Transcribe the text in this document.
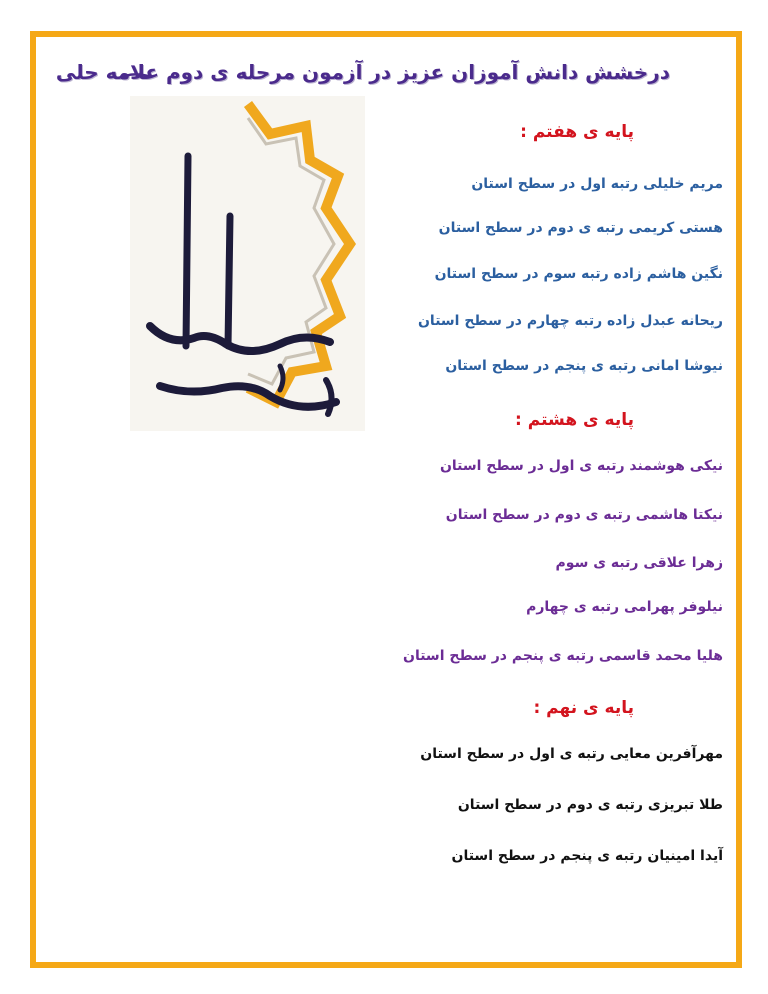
درخشش دانش آموزان عزیز در آزمون مرحله ی دوم علامه حلی
پایه ی هفتم :
مریم خلیلی رتبه اول در سطح استان
هستی کریمی رتبه ی دوم در سطح استان
نگین هاشم زاده رتبه سوم در سطح استان
ریحانه عبدل زاده رتبه چهارم در سطح استان
نیوشا امانی رتبه ی پنجم در سطح استان
پایه ی هشتم :
نیکی هوشمند رتبه ی اول در سطح استان
نیکتا هاشمی رتبه ی دوم در سطح استان
زهرا علاقی رتبه ی سوم
نیلوفر پهرامی رتبه ی چهارم
هلیا محمد قاسمی رتبه ی پنجم در سطح استان
پایه ی نهم :
مهرآفرین معایی رتبه ی اول در سطح استان
طلا تبریزی رتبه ی دوم در سطح استان
آیدا امینیان رتبه ی پنجم در سطح استان
